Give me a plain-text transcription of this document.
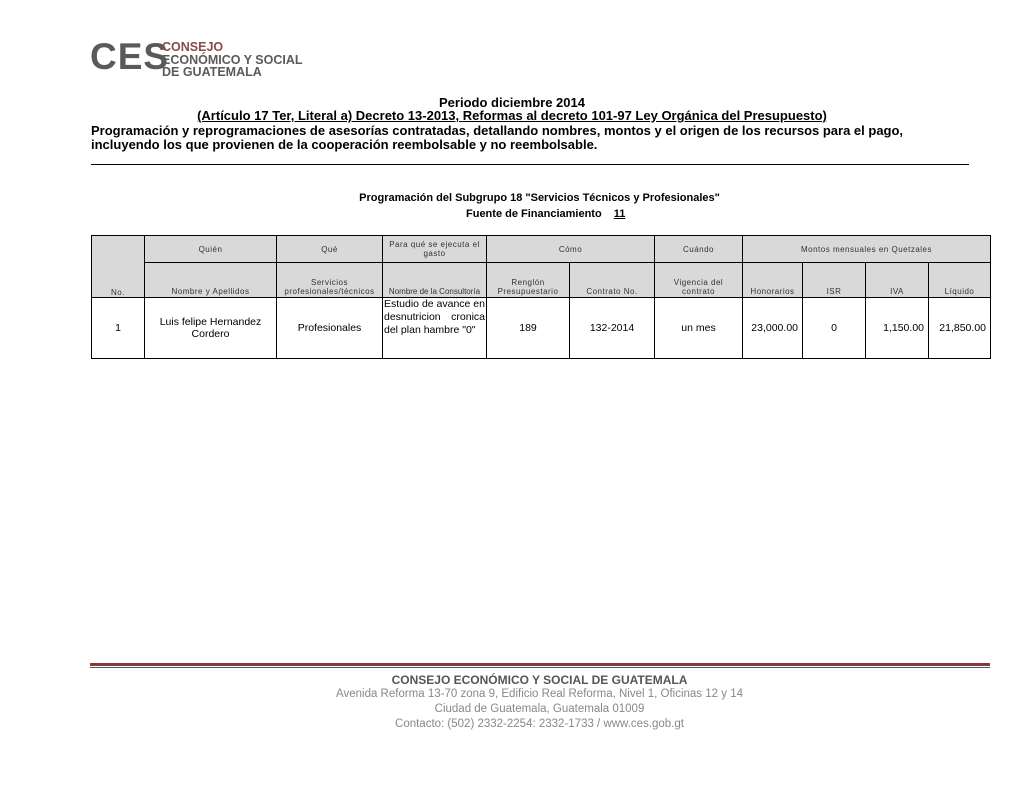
CES
CONSEJO
ECONÓMICO Y SOCIAL
DE GUATEMALA
Periodo diciembre 2014
(Artículo 17 Ter, Literal a) Decreto 13-2013, Reformas al decreto 101-97 Ley Orgánica del Presupuesto)
Programación y reprogramaciones de asesorías contratadas, detallando nombres, montos y el origen de los recursos para el pago, incluyendo los que provienen de la cooperación reembolsable y no reembolsable.
Programación del Subgrupo 18 "Servicios Técnicos y Profesionales"
Fuente de Financiamiento 11
No.	Quién	Qué	Para qué se ejecuta el gasto	Cómo		Cuándo	Montos mensuales en Quetzales			
	Nombre y Apellidos	Servicios profesionales/técnicos	Nombre de la Consultoría	Renglón Presupuestario	Contrato No.	Vigencia del contrato	Honorarios	ISR	IVA	Líquido
1	Luis felipe Hernandez Cordero	Profesionales	Estudio de avance en desnutricion cronica del plan hambre "0"	189	132-2014	un mes	23,000.00	0	1,150.00	21,850.00
CONSEJO ECONÓMICO Y SOCIAL DE GUATEMALA
Avenida Reforma 13-70 zona 9, Edificio Real Reforma, Nivel 1, Oficinas 12 y 14
Ciudad de Guatemala, Guatemala 01009
Contacto: (502) 2332-2254: 2332-1733 / www.ces.gob.gt
